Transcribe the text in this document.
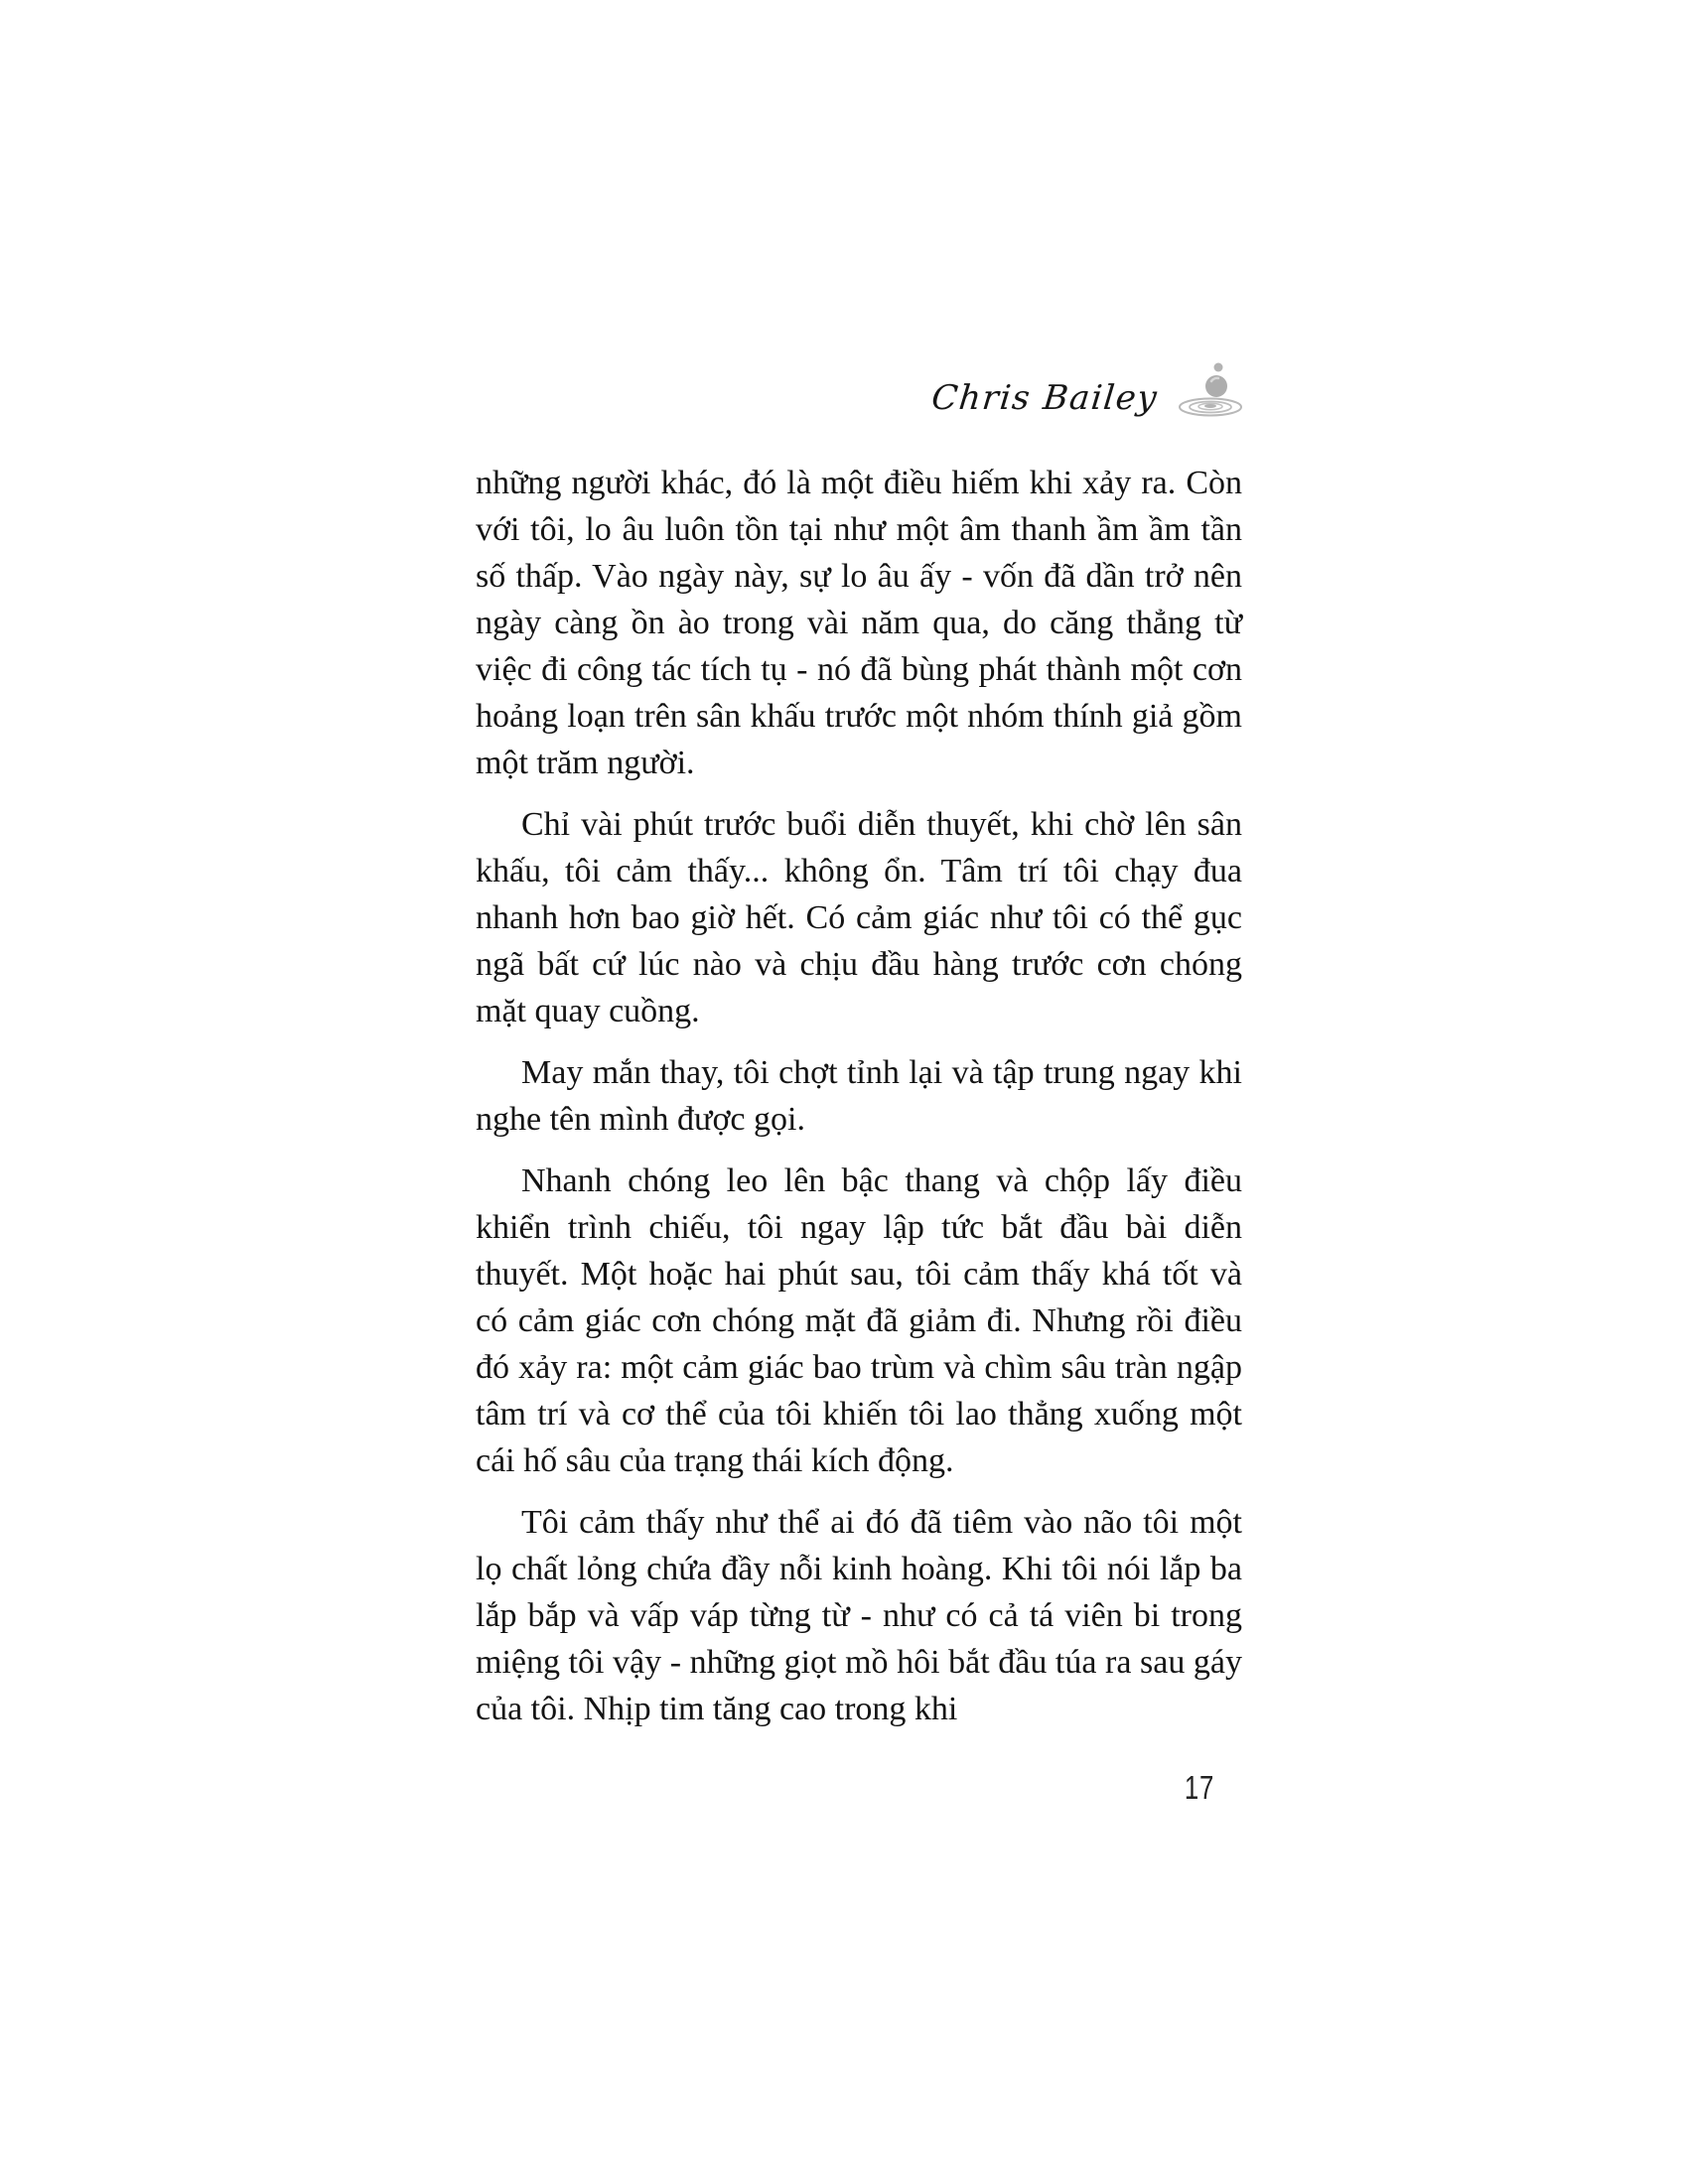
Chris Bailey

những người khác, đó là một điều hiếm khi xảy ra. Còn với tôi, lo âu luôn tồn tại như một âm thanh ầm ầm tần số thấp. Vào ngày này, sự lo âu ấy - vốn đã dần trở nên ngày càng ồn ào trong vài năm qua, do căng thẳng từ việc đi công tác tích tụ - nó đã bùng phát thành một cơn hoảng loạn trên sân khấu trước một nhóm thính giả gồm một trăm người.

Chỉ vài phút trước buổi diễn thuyết, khi chờ lên sân khấu, tôi cảm thấy... không ổn. Tâm trí tôi chạy đua nhanh hơn bao giờ hết. Có cảm giác như tôi có thể gục ngã bất cứ lúc nào và chịu đầu hàng trước cơn chóng mặt quay cuồng.

May mắn thay, tôi chợt tỉnh lại và tập trung ngay khi nghe tên mình được gọi.

Nhanh chóng leo lên bậc thang và chộp lấy điều khiển trình chiếu, tôi ngay lập tức bắt đầu bài diễn thuyết. Một hoặc hai phút sau, tôi cảm thấy khá tốt và có cảm giác cơn chóng mặt đã giảm đi. Nhưng rồi điều đó xảy ra: một cảm giác bao trùm và chìm sâu tràn ngập tâm trí và cơ thể của tôi khiến tôi lao thẳng xuống một cái hố sâu của trạng thái kích động.

Tôi cảm thấy như thể ai đó đã tiêm vào não tôi một lọ chất lỏng chứa đầy nỗi kinh hoàng. Khi tôi nói lắp ba lắp bắp và vấp váp từng từ - như có cả tá viên bi trong miệng tôi vậy - những giọt mồ hôi bắt đầu túa ra sau gáy của tôi. Nhịp tim tăng cao trong khi

17
